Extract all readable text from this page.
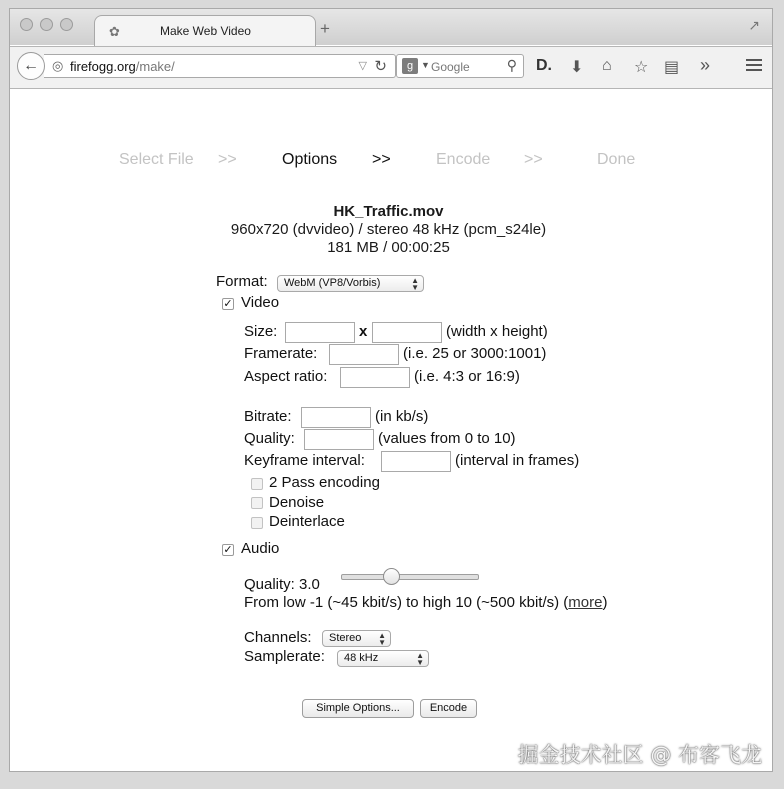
✿	Make Web Video	+	↗
◎ firefogg.org/make/	▽ ↻
←	g ▼ Google	⚲ D. ⬇ ⌂ ☆ ▤ »
Select File >>	Options >>	Encode >>	Done
HK_Traffic.mov
960x720 (dvvideo) / stereo 48 kHz (pcm_s24le)
181 MB / 00:00:25
Format:	WebM (VP8/Vorbis)	▲
▼
✓ Video
Size:	x	(width x height)
Framerate:	(i.e. 25 or 3000:1001)
Aspect ratio:	(i.e. 4:3 or 16:9)
Bitrate:	(in kb/s)
Quality:	(values from 0 to 10)
Keyframe interval:	(interval in frames)
2 Pass encoding
Denoise
Deinterlace
✓ Audio
Quality: 3.0
From low -1 (~45 kbit/s) to high 10 (~500 kbit/s) (more)
Channels:	Stereo ▲
▼
Samplerate:	48 kHz	▲
▼
Simple Options...	Encode
掘金技术社区 @ 布客飞龙
